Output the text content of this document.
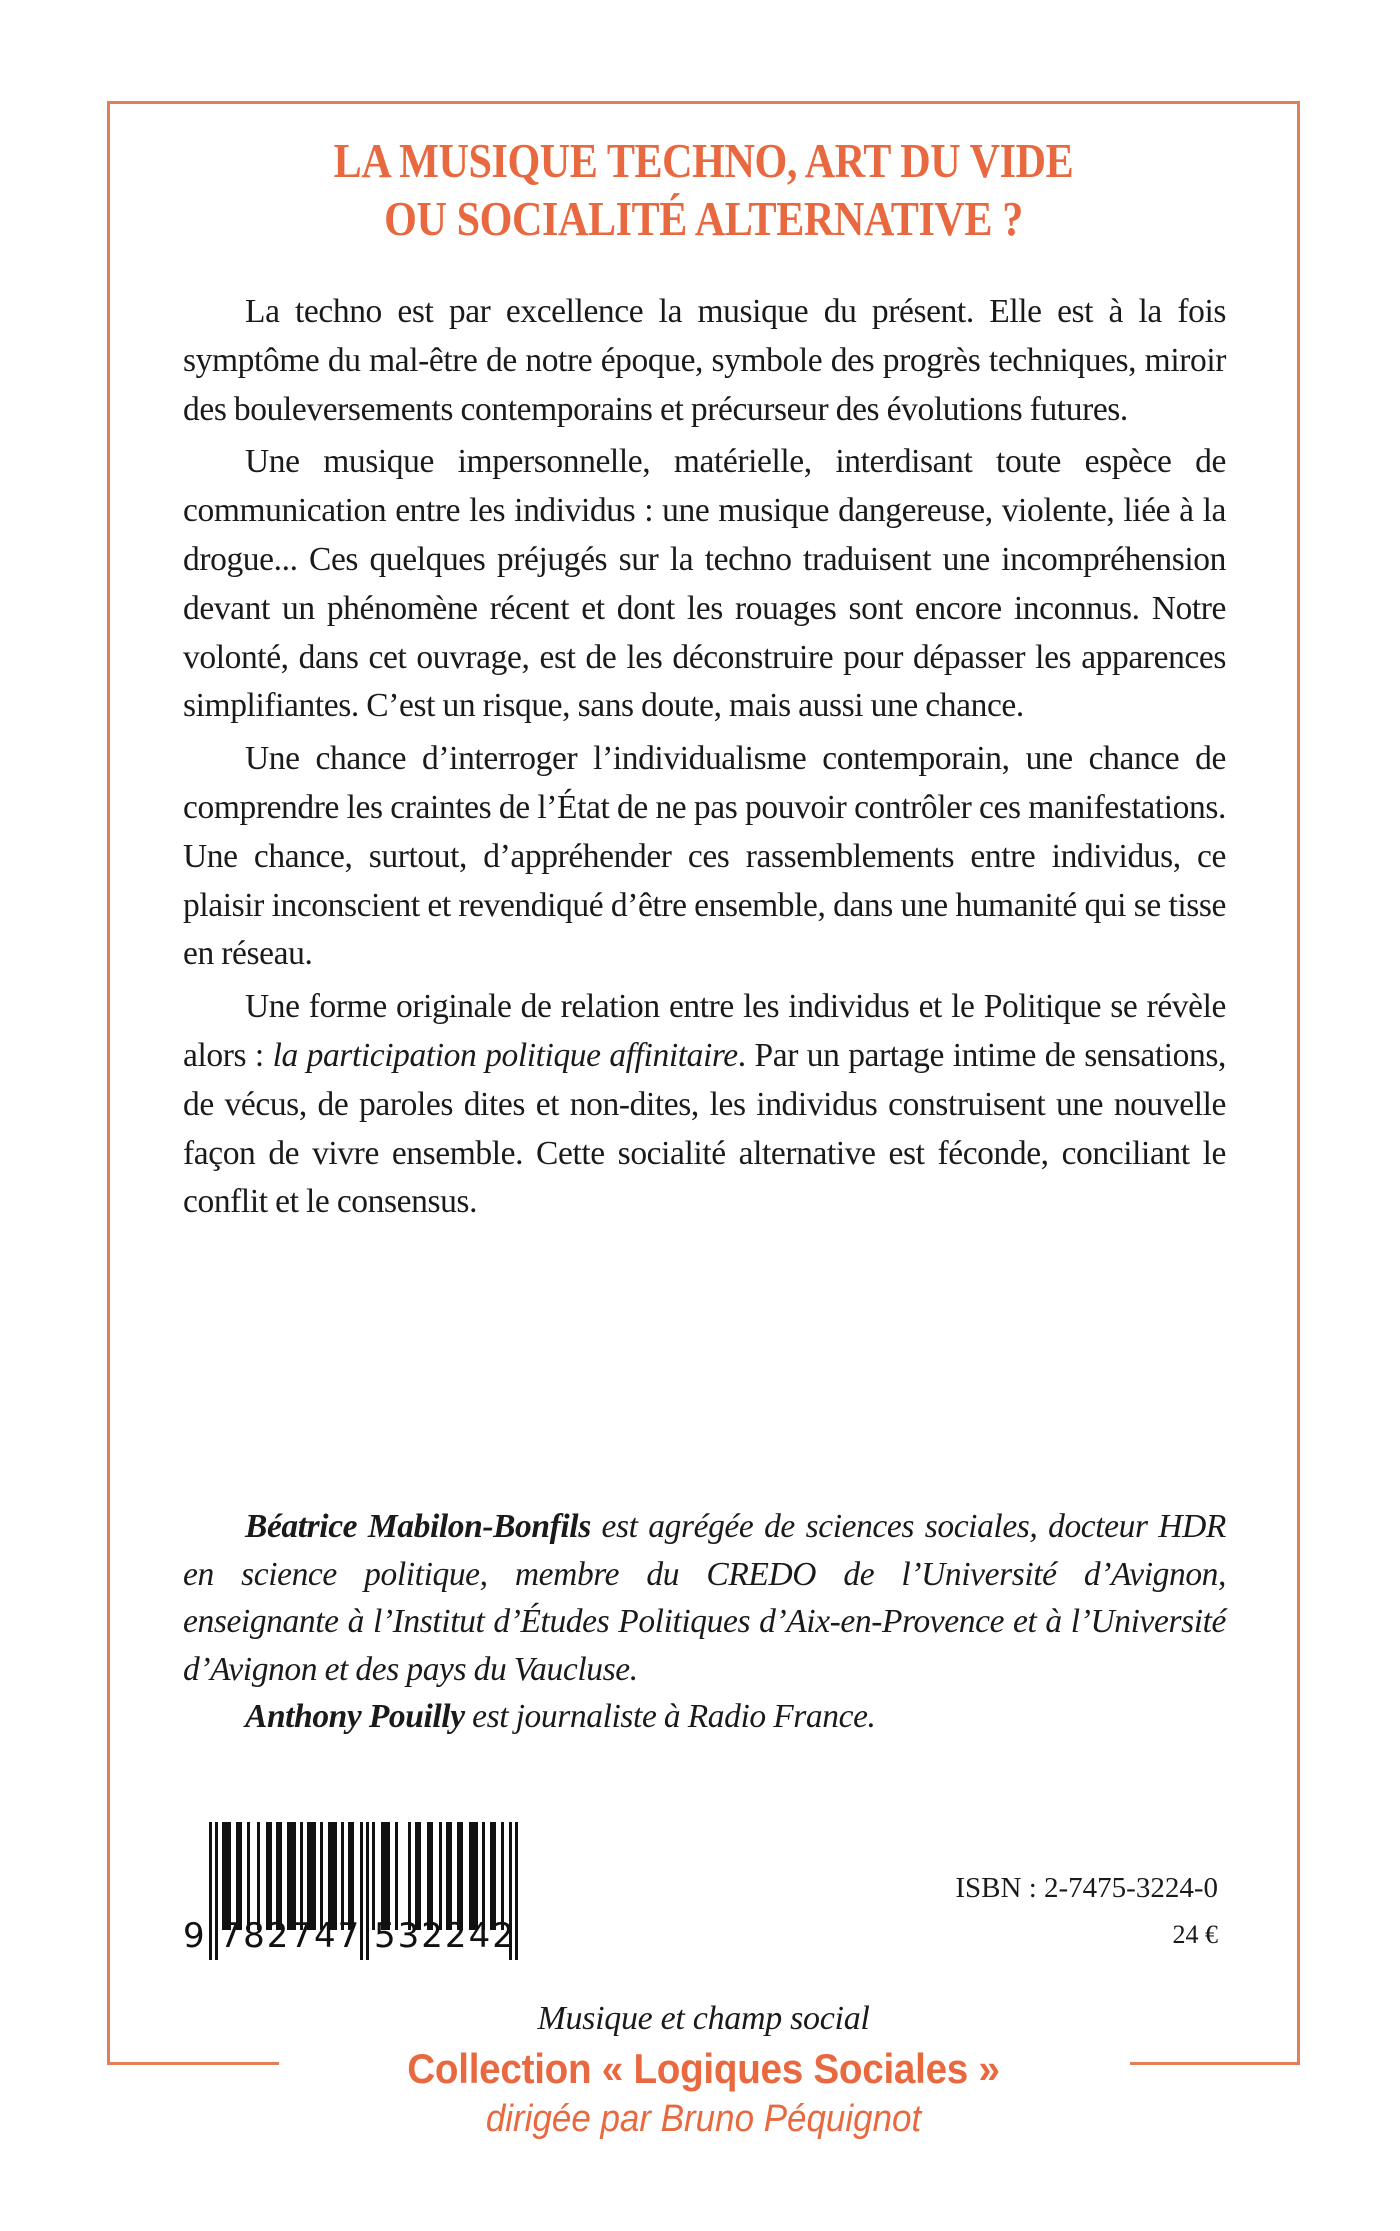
LA MUSIQUE TECHNO, ART DU VIDE
OU SOCIALITÉ ALTERNATIVE ?

La techno est par excellence la musique du présent. Elle est à la fois symptôme du mal-être de notre époque, symbole des progrès techniques, miroir des bouleversements contemporains et précurseur des évolutions futures.

Une musique impersonnelle, matérielle, interdisant toute espèce de communication entre les individus : une musique dangereuse, violente, liée à la drogue... Ces quelques préjugés sur la techno traduisent une incompréhension devant un phénomène récent et dont les rouages sont encore inconnus. Notre volonté, dans cet ouvrage, est de les déconstruire pour dépasser les apparences simplifiantes. C’est un risque, sans doute, mais aussi une chance.

Une chance d’interroger l’individualisme contemporain, une chance de comprendre les craintes de l’État de ne pas pouvoir contrôler ces manifestations. Une chance, surtout, d’appréhender ces rassemblements entre individus, ce plaisir inconscient et revendiqué d’être ensemble, dans une humanité qui se tisse en réseau.

Une forme originale de relation entre les individus et le Politique se révèle alors : la participation politique affinitaire. Par un partage intime de sensations, de vécus, de paroles dites et non-dites, les individus construisent une nouvelle façon de vivre ensemble. Cette socialité alternative est féconde, conciliant le conflit et le consensus.

Béatrice Mabilon-Bonfils est agrégée de sciences sociales, docteur HDR en science politique, membre du CREDO de l’Université d’Avignon, enseignante à l’Institut d’Études Politiques d’Aix-en-Provence et à l’Université d’Avignon et des pays du Vaucluse.

Anthony Pouilly est journaliste à Radio France.

9 782747 532242
ISBN : 2-7475-3224-0
24 €
Musique et champ social
Collection « Logiques Sociales »
dirigée par Bruno Péquignot
